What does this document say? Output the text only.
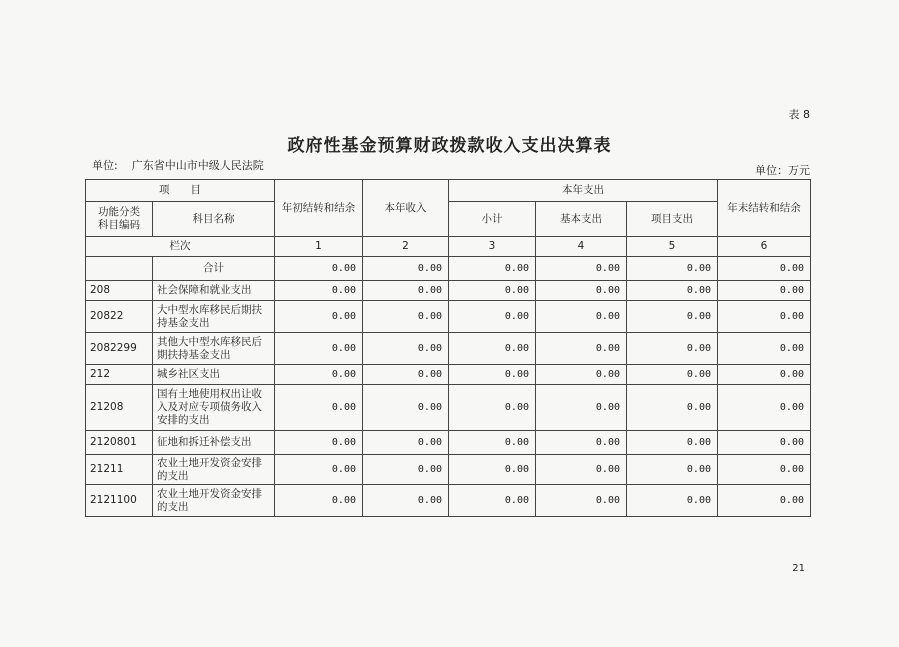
表 8
政府性基金预算财政拨款收入支出决算表
单位: 广东省中山市中级人民法院	单位：万元
项　　目		年初结转和结余	本年收入	本年支出			年末结转和结余
功能分类
科目编码	科目名称			小计	基本支出	项目支出	
栏次		1	2	3	4	5	6
	合计	0.00	0.00	0.00	0.00	0.00	0.00
208	社会保障和就业支出	0.00	0.00	0.00	0.00	0.00	0.00
20822	大中型水库移民后期扶持基金支出	0.00	0.00	0.00	0.00	0.00	0.00
2082299	其他大中型水库移民后期扶持基金支出	0.00	0.00	0.00	0.00	0.00	0.00
212	城乡社区支出	0.00	0.00	0.00	0.00	0.00	0.00
21208	国有土地使用权出让收入及对应专项债务收入安排的支出	0.00	0.00	0.00	0.00	0.00	0.00
2120801	征地和拆迁补偿支出	0.00	0.00	0.00	0.00	0.00	0.00
21211	农业土地开发资金安排的支出	0.00	0.00	0.00	0.00	0.00	0.00
2121100	农业土地开发资金安排的支出	0.00	0.00	0.00	0.00	0.00	0.00
21
